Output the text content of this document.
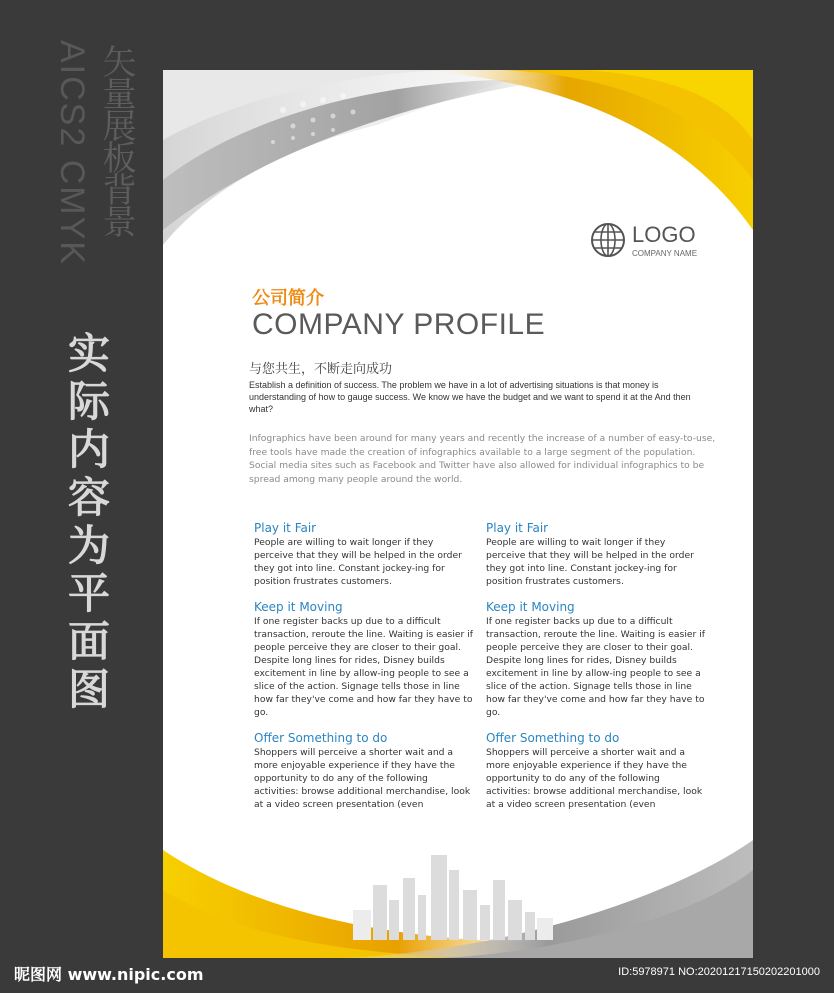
AICS2 CMYK 矢量展板背景
实
际
内
容
为
平
面
图
LOGO
COMPANY NAME
公司简介
COMPANY PROFILE
与您共生，不断走向成功
Establish a definition of success. The problem we have in a lot of advertising situations is that money is understanding of how to gauge success. We know we have the budget and we want to spend it at the And then what?
Infographics have been around for many years and recently the increase of a number of easy-to-use, free tools have made the creation of infographics available to a large segment of the population. Social media sites such as Facebook and Twitter have also allowed for individual infographics to be spread among many people around the world.
Play it Fair

People are willing to wait longer if they perceive that they will be helped in the order they got into line. Constant jockey-ing for position frustrates customers.

Keep it Moving

If one register backs up due to a difficult transaction, reroute the line. Waiting is easier if people perceive they are closer to their goal. Despite long lines for rides, Disney builds excitement in line by allow-ing people to see a slice of the action. Signage tells those in line how far they've come and how far they have to go.

Offer Something to do

Shoppers will perceive a shorter wait and a more enjoyable experience if they have the opportunity to do any of the following activities: browse additional merchandise, look at a video screen presentation (even

Play it Fair

People are willing to wait longer if they perceive that they will be helped in the order they got into line. Constant jockey-ing for position frustrates customers.

Keep it Moving

If one register backs up due to a difficult transaction, reroute the line. Waiting is easier if people perceive they are closer to their goal. Despite long lines for rides, Disney builds excitement in line by allow-ing people to see a slice of the action. Signage tells those in line how far they've come and how far they have to go.

Offer Something to do

Shoppers will perceive a shorter wait and a more enjoyable experience if they have the opportunity to do any of the following activities: browse additional merchandise, look at a video screen presentation (even

昵图网 www.nipic.com	ID:5978971 NO:20201217150202201000
